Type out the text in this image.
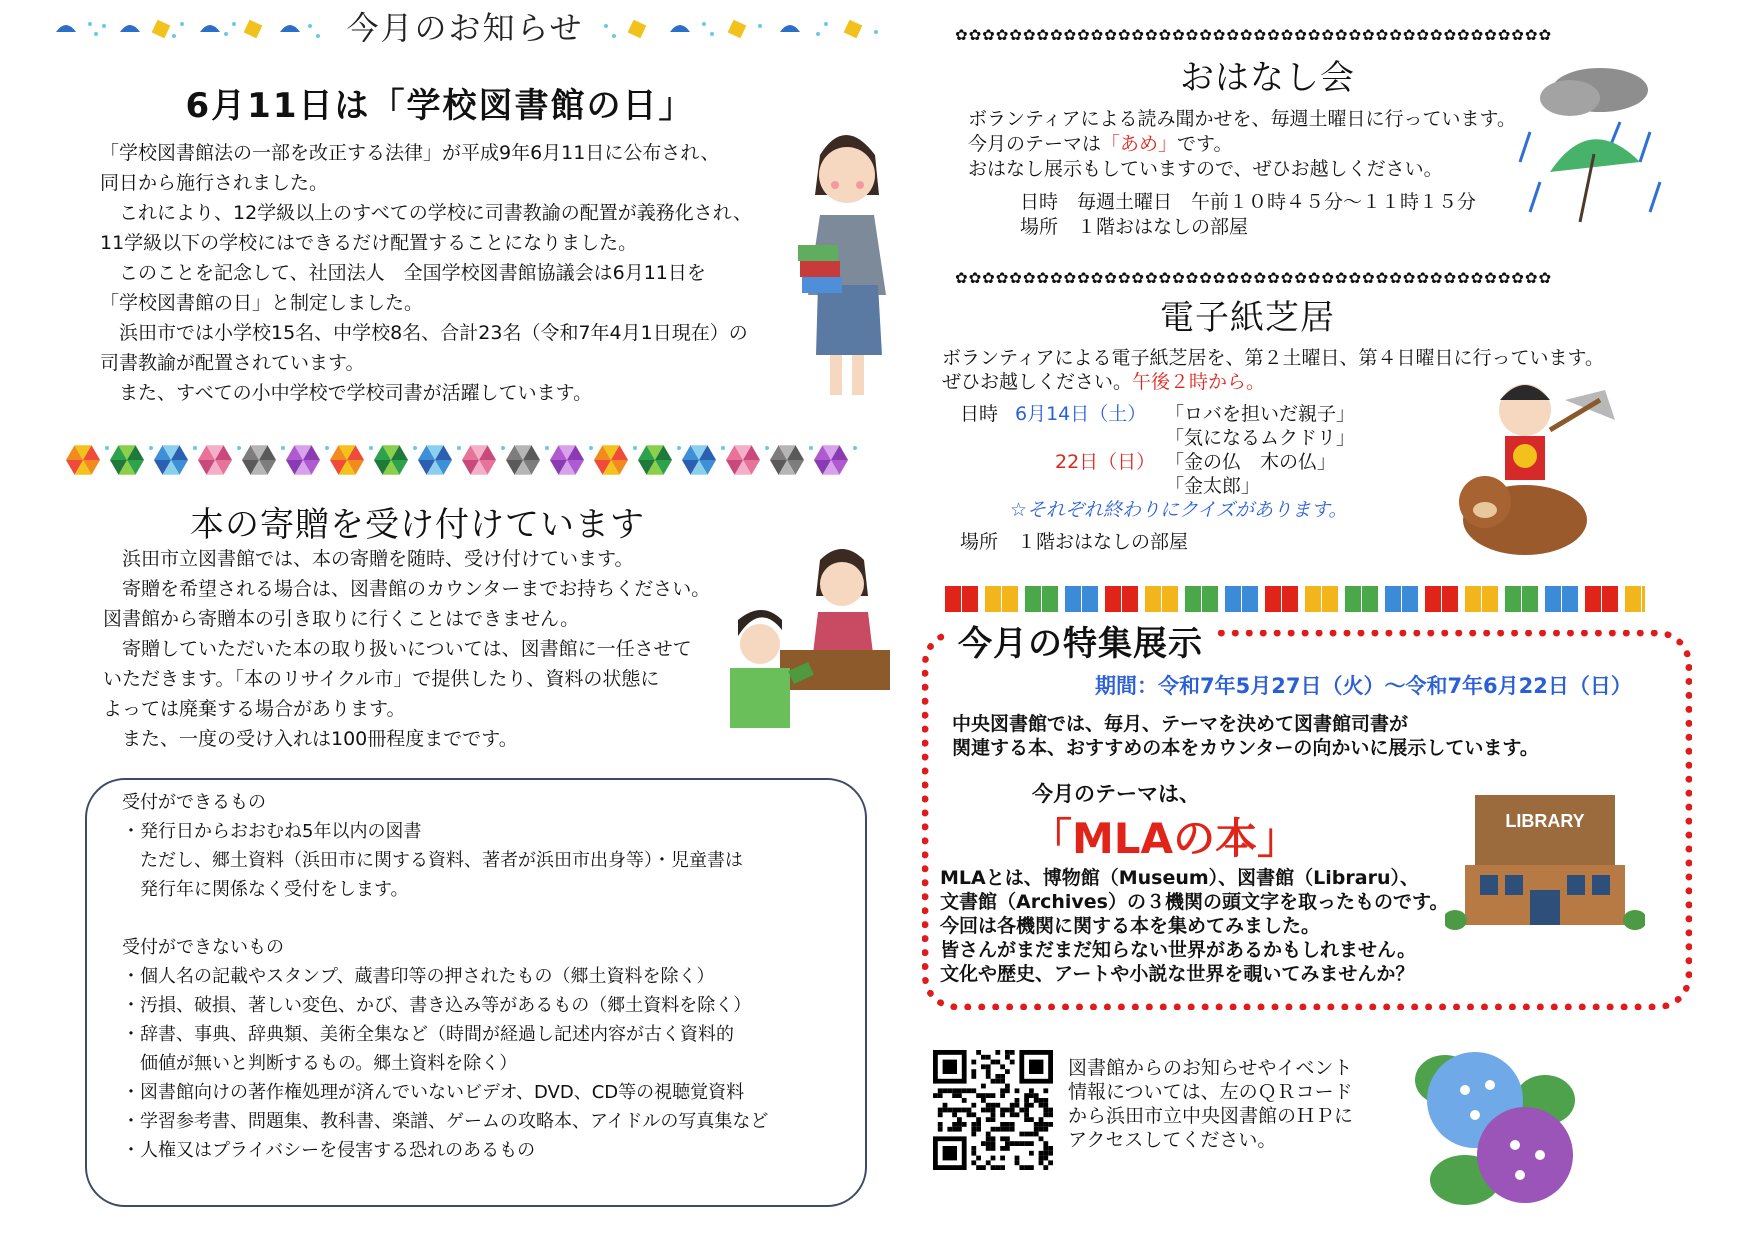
今月のお知らせ
6月11日は「学校図書館の日」
「学校図書館法の一部を改正する法律」が平成9年6月11日に公布され、
同日から施行されました。
　これにより、12学級以上のすべての学校に司書教諭の配置が義務化され、
11学級以下の学校にはできるだけ配置することになりました。
　このことを記念して、社団法人　全国学校図書館協議会は6月11日を
「学校図書館の日」と制定しました。
　浜田市では小学校15名、中学校8名、合計23名（令和7年4月1日現在）の
司書教諭が配置されています。
　また、すべての小中学校で学校司書が活躍しています。
本の寄贈を受け付けています
　浜田市立図書館では、本の寄贈を随時、受け付けています。
　寄贈を希望される場合は、図書館のカウンターまでお持ちください。
図書館から寄贈本の引き取りに行くことはできません。
　寄贈していただいた本の取り扱いについては、図書館に一任させて
いただきます。「本のリサイクル市」で提供したり、資料の状態に
よっては廃棄する場合があります。
　また、一度の受け入れは100冊程度までです。
受付ができるもの
・発行日からおおむね5年以内の図書
　ただし、郷土資料（浜田市に関する資料、著者が浜田市出身等）・児童書は
　発行年に関係なく受付をします。
受付ができないもの
・個人名の記載やスタンプ、蔵書印等の押されたもの（郷土資料を除く）
・汚損、破損、著しい変色、かび、書き込み等があるもの（郷土資料を除く）
・辞書、事典、辞典類、美術全集など（時間が経過し記述内容が古く資料的
　価値が無いと判断するもの。郷土資料を除く）
・図書館向けの著作権処理が済んでいないビデオ、DVD、CD等の視聴覚資料
・学習参考書、問題集、教科書、楽譜、ゲームの攻略本、アイドルの写真集など
・人権又はプライバシーを侵害する恐れのあるもの
✿✿✿✿✿✿✿✿✿✿✿✿✿✿✿✿✿✿✿✿✿✿✿✿✿✿✿✿✿✿✿✿✿✿✿✿✿✿✿✿✿✿✿✿
おはなし会
ボランティアによる読み聞かせを、毎週土曜日に行っています。
今月のテーマは「あめ」です。
おはなし展示もしていますので、ぜひお越しください。
日時　毎週土曜日　午前１０時４５分～１１時１５分
場所　１階おはなしの部屋
✿✿✿✿✿✿✿✿✿✿✿✿✿✿✿✿✿✿✿✿✿✿✿✿✿✿✿✿✿✿✿✿✿✿✿✿✿✿✿✿✿✿✿✿
電子紙芝居
ボランティアによる電子紙芝居を、第２土曜日、第４日曜日に行っています。
ぜひお越しください。午後２時から。
日時 6月14日（土） 「ロバを担いだ親子」
「気になるムクドリ」
22日（日） 「金の仏　木の仏」
「金太郎」
☆それぞれ終わりにクイズがあります。
場所　１階おはなしの部屋
今月の特集展示
期間：令和7年5月27日（火）～令和7年6月22日（日）
中央図書館では、毎月、テーマを決めて図書館司書が
関連する本、おすすめの本をカウンターの向かいに展示しています。
今月のテーマは、
「MLAの本」
MLAとは、博物館（Museum）、図書館（Libraru）、
文書館（Archives）の３機関の頭文字を取ったものです。
今回は各機関に関する本を集めてみました。
皆さんがまだまだ知らない世界があるかもしれません。
文化や歴史、アートや小説な世界を覗いてみませんか？
LIBRARY
図書館からのお知らせやイベント
情報については、左のＱＲコード
から浜田市立中央図書館のＨＰに
アクセスしてください。
